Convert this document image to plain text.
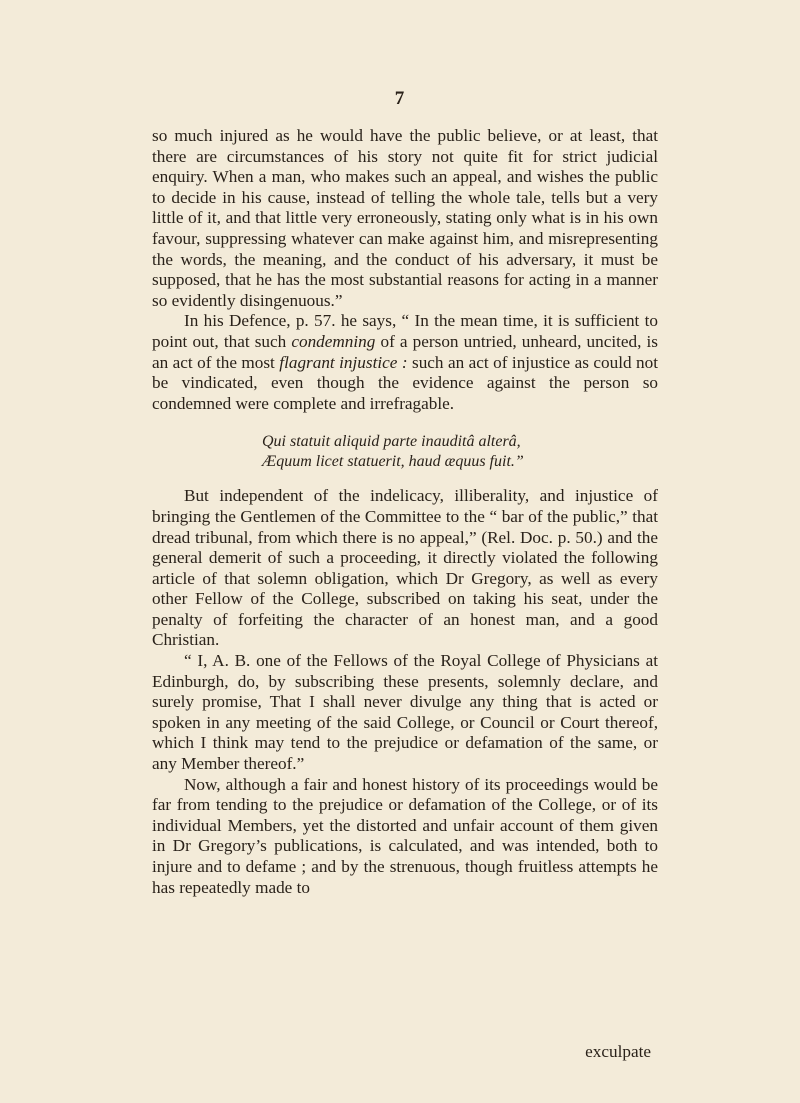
7

so much injured as he would have the public believe, or at least, that there are circumstances of his story not quite fit for strict judicial enquiry. When a man, who makes such an appeal, and wishes the public to decide in his cause, instead of telling the whole tale, tells but a very little of it, and that little very erroneously, stating only what is in his own favour, suppressing whatever can make against him, and misrepresenting the words, the meaning, and the conduct of his adversary, it must be supposed, that he has the most substantial reasons for acting in a manner so evidently disingenuous.”

In his Defence, p. 57. he says, “ In the mean time, it is sufficient to point out, that such condemning of a person untried, unheard, uncited, is an act of the most flagrant injustice : such an act of injustice as could not be vindicated, even though the evidence against the person so condemned were complete and irrefragable.

Qui statuit aliquid parte inauditâ alterâ,
Æquum licet statuerit, haud æquus fuit.”

But independent of the indelicacy, illiberality, and injustice of bringing the Gentlemen of the Committee to the “ bar of the public,” that dread tribunal, from which there is no appeal,” (Rel. Doc. p. 50.) and the general demerit of such a proceeding, it directly violated the following article of that solemn obligation, which Dr Gregory, as well as every other Fellow of the College, subscribed on taking his seat, under the penalty of forfeiting the character of an honest man, and a good Christian.

“ I, A. B. one of the Fellows of the Royal College of Physicians at Edinburgh, do, by subscribing these presents, solemnly declare, and surely promise, That I shall never divulge any thing that is acted or spoken in any meeting of the said College, or Council or Court thereof, which I think may tend to the prejudice or defamation of the same, or any Member thereof.”

Now, although a fair and honest history of its proceedings would be far from tending to the prejudice or defamation of the College, or of its individual Members, yet the distorted and unfair account of them given in Dr Gregory’s publications, is calculated, and was intended, both to injure and to defame ; and by the strenuous, though fruitless attempts he has repeatedly made to

exculpate
